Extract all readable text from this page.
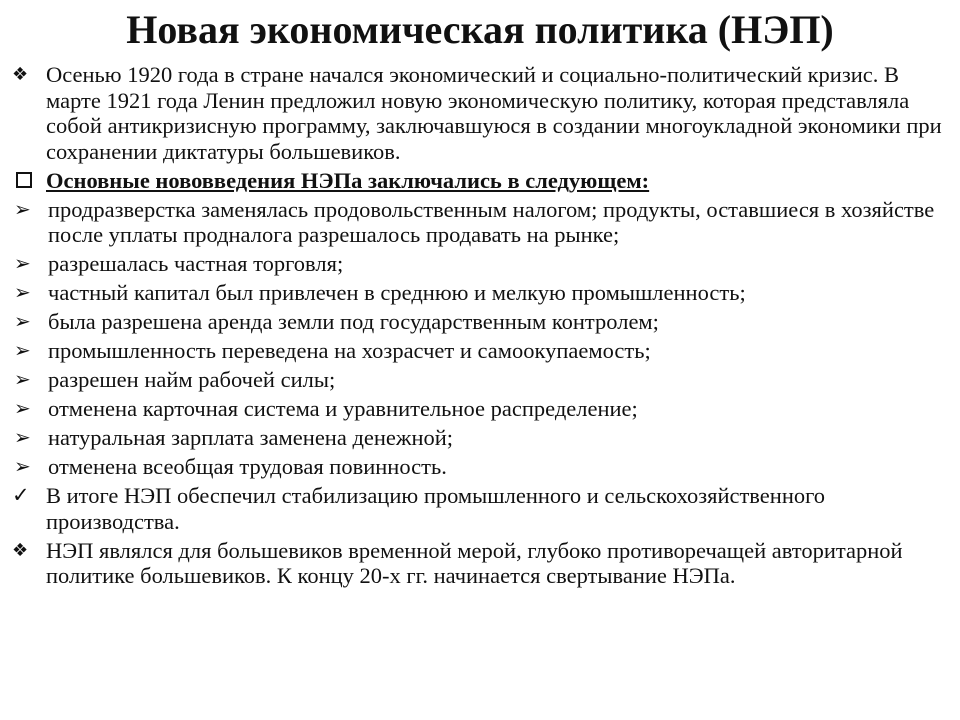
Новая экономическая политика (НЭП)
❖ Осенью 1920 года в стране начался экономический и социально-политический кризис. В марте 1921 года Ленин предложил новую экономическую политику, которая представляла собой антикризисную программу, заключавшуюся в создании многоукладной экономики при сохранении диктатуры большевиков.
Основные нововведения НЭПа заключались в следующем:
➢ продразверстка заменялась продовольственным налогом; продукты, оставшиеся в хозяйстве после уплаты продналога разрешалось продавать на рынке;
➢ разрешалась частная торговля;
➢ частный капитал был привлечен в среднюю и мелкую промышленность;
➢ была разрешена аренда земли под государственным контролем;
➢ промышленность переведена на хозрасчет и самоокупаемость;
➢ разрешен найм рабочей силы;
➢ отменена карточная система и уравнительное распределение;
➢ натуральная зарплата заменена денежной;
➢ отменена всеобщая трудовая повинность.
✓ В итоге НЭП обеспечил стабилизацию промышленного и сельскохозяйственного производства.
❖ НЭП являлся для большевиков временной мерой, глубоко противоречащей авторитарной политике большевиков. К концу 20-х гг. начинается свертывание НЭПа.
